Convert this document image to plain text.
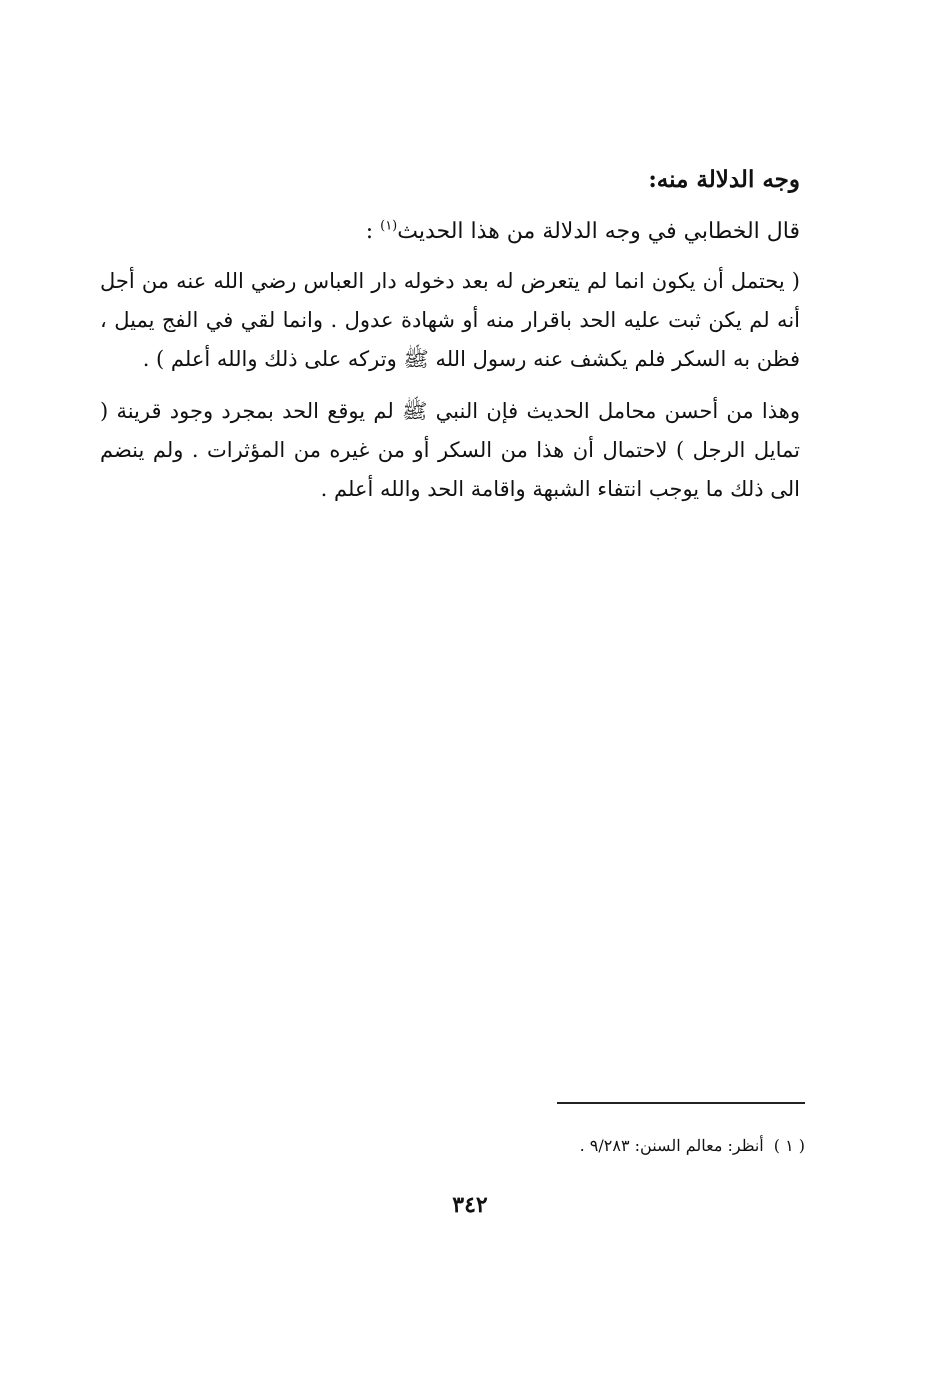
وجه الدلالة منه:
قال الخطابي في وجه الدلالة من هذا الحديث$^{(١)}$ :
( يحتمل أن يكون انما لم يتعرض له بعد دخوله دار العباس رضي الله عنه من أجل أنه لم يكن ثبت عليه الحد باقرار منه أو شهادة عدول . وانما لقي في الفج يميل ، فظن به السكر فلم يكشف عنه رسول الله ﷺ وتركه على ذلك والله أعلم ) .
وهذا من أحسن محامل الحديث فإن النبي ﷺ لم يوقع الحد بمجرد وجود قرينة ( تمايل الرجل ) لاحتمال أن هذا من السكر أو من غيره من المؤثرات . ولم ينضم الى ذلك ما يوجب انتفاء الشبهة واقامة الحد والله أعلم .
( ١ )أنظر: معالم السنن: ٩/٢٨٣ .
٣٤٢
